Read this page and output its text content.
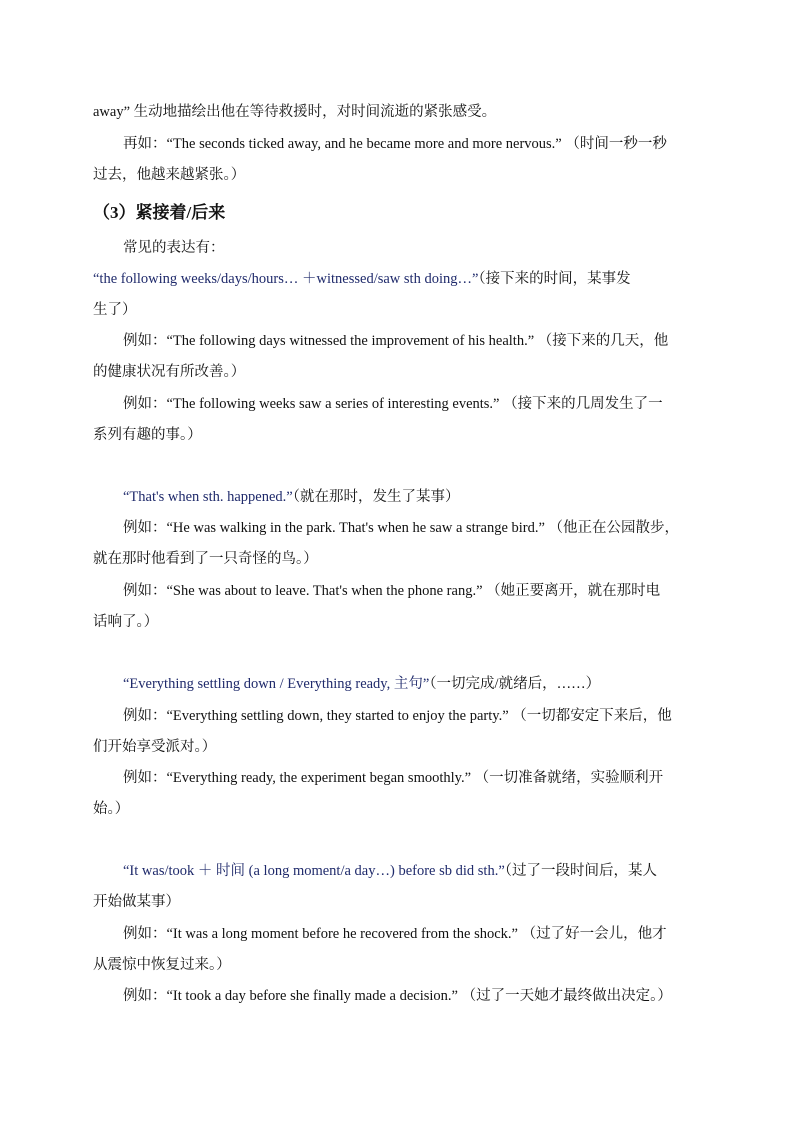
away” 生动地描绘出他在等待救援时，对时间流逝的紧张感受。
再如：“The seconds ticked away, and he became more and more nervous.” （时间一秒一秒
过去，他越来越紧张。）
（3）紧接着/后来
常见的表达有：
“the following weeks/days/hours… ＋witnessed/saw sth doing…”（接下来的时间，某事发
生了）
例如：“The following days witnessed the improvement of his health.” （接下来的几天，他
的健康状况有所改善。）
例如：“The following weeks saw a series of interesting events.” （接下来的几周发生了一
系列有趣的事。）
“That's when sth. happened.”（就在那时，发生了某事）
例如：“He was walking in the park. That's when he saw a strange bird.” （他正在公园散步，
就在那时他看到了一只奇怪的鸟。）
例如：“She was about to leave. That's when the phone rang.” （她正要离开，就在那时电
话响了。）
“Everything settling down / Everything ready, 主句”（一切完成/就绪后，……）
例如：“Everything settling down, they started to enjoy the party.” （一切都安定下来后，他
们开始享受派对。）
例如：“Everything ready, the experiment began smoothly.” （一切准备就绪，实验顺利开
始。）
“It was/took ＋ 时间 (a long moment/a day…) before sb did sth.”（过了一段时间后，某人
开始做某事）
例如：“It was a long moment before he recovered from the shock.” （过了好一会儿，他才
从震惊中恢复过来。）
例如：“It took a day before she finally made a decision.” （过了一天她才最终做出决定。）
